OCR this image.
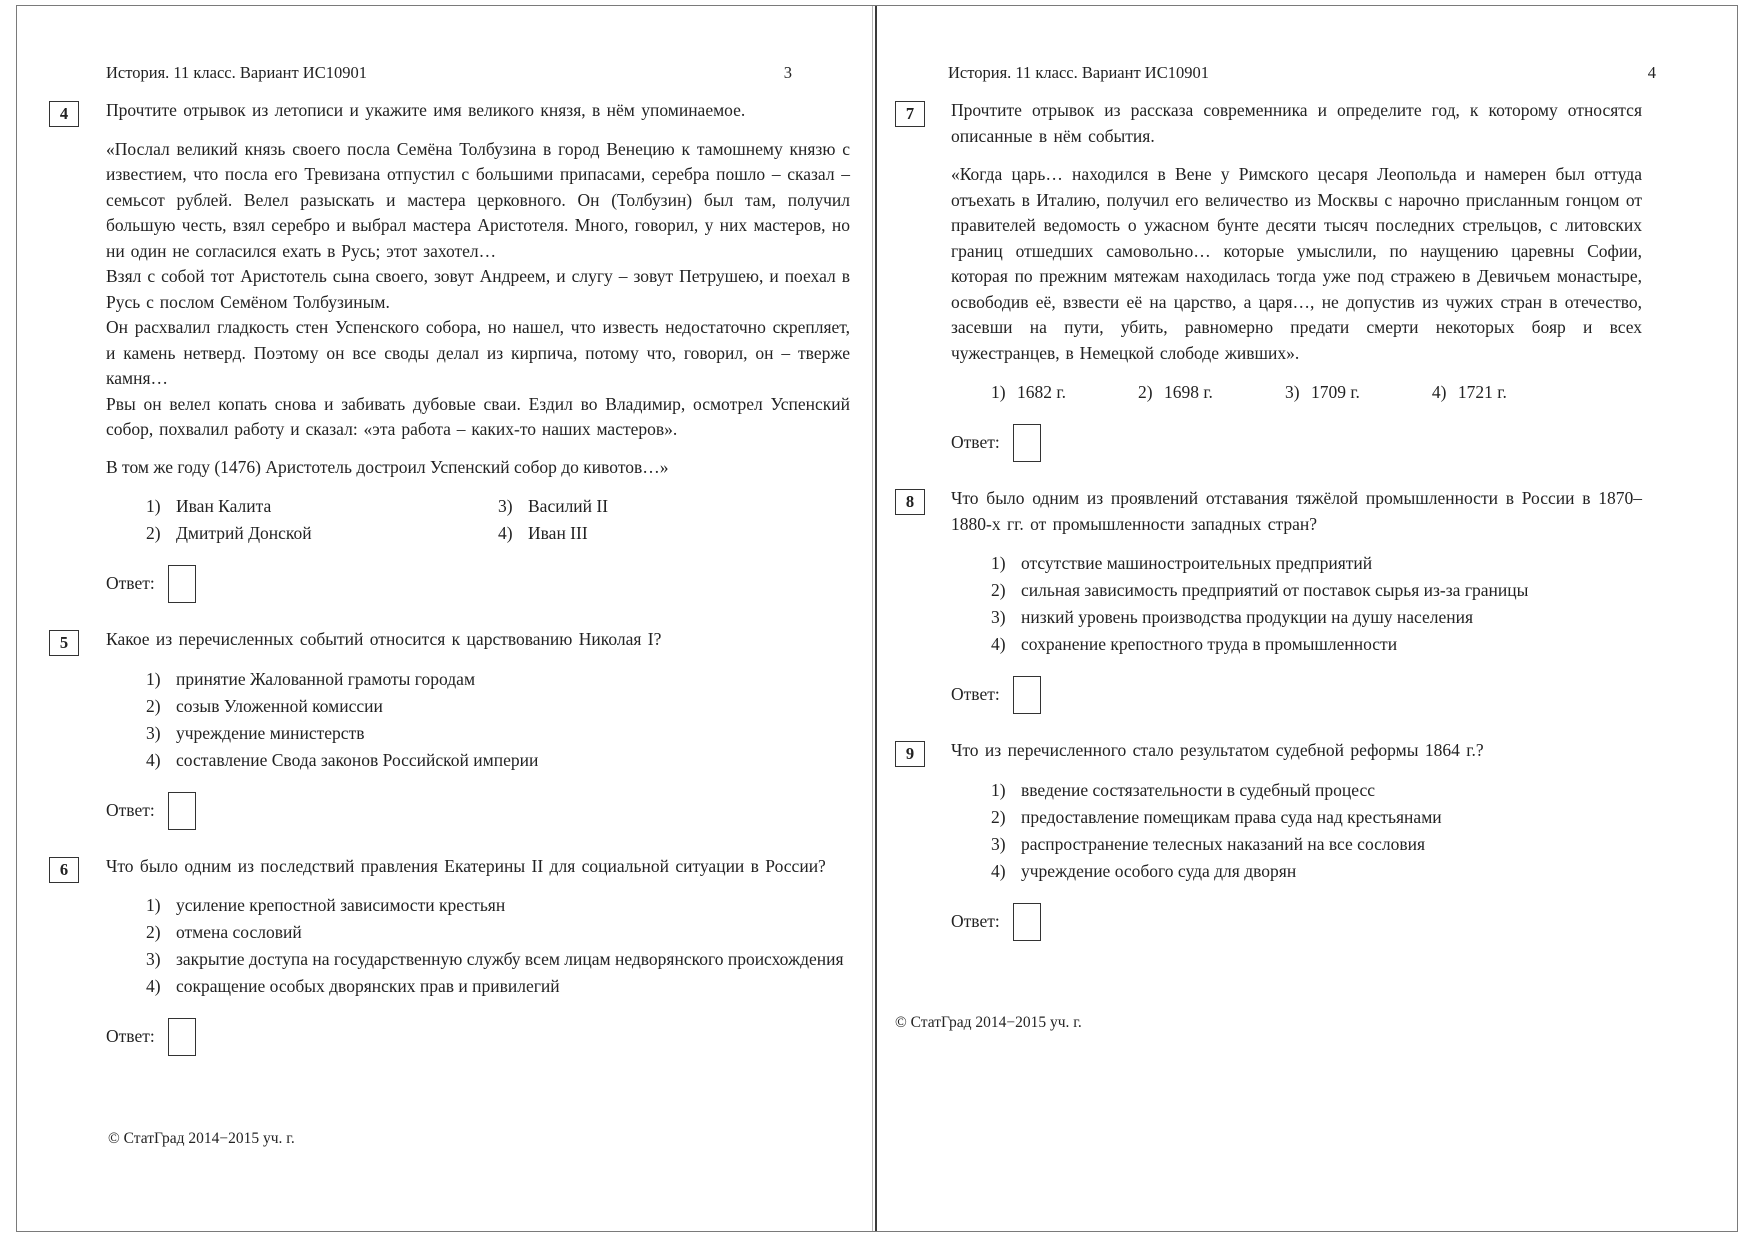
История. 11 класс. Вариант ИС10901	3
4 Прочтите отрывок из летописи и укажите имя великого князя, в нём упоминаемое.

«Послал великий князь своего посла Семёна Толбузина в город Венецию к тамошнему князю с известием, что посла его Тревизана отпустил с большими припасами, серебра пошло – сказал – семьсот рублей. Велел разыскать и мастера церковного. Он (Толбузин) был там, получил большую честь, взял серебро и выбрал мастера Аристотеля. Много, говорил, у них мастеров, но ни один не согласился ехать в Русь; этот захотел…

Взял с собой тот Аристотель сына своего, зовут Андреем, и слугу – зовут Петрушею, и поехал в Русь с послом Семёном Толбузиным.

Он расхвалил гладкость стен Успенского собора, но нашел, что известь недостаточно скрепляет, и камень нетверд. Поэтому он все своды делал из кирпича, потому что, говорил, он – тверже камня…

Рвы он велел копать снова и забивать дубовые сваи. Ездил во Владимир, осмотрел Успенский собор, похвалил работу и сказал: «эта работа – каких-то наших мастеров».

В том же году (1476) Аристотель достроил Успенский собор до кивотов…»

1) Иван Калита	3) Василий II
2) Дмитрий Донской	4) Иван III
Ответ:
5 Какое из перечисленных событий относится к царствованию Николая I?

1) принятие Жалованной грамоты городам
2) созыв Уложенной комиссии
3) учреждение министерств
4) составление Свода законов Российской империи
Ответ:
6 Что было одним из последствий правления Екатерины II для социальной ситуации в России?

1) усиление крепостной зависимости крестьян
2) отмена сословий
3) закрытие доступа на государственную службу всем лицам недворянского происхождения
4) сокращение особых дворянских прав и привилегий
Ответ:
© СтатГрад 2014−2015 уч. г.
История. 11 класс. Вариант ИС10901	4
7 Прочтите отрывок из рассказа современника и определите год, к которому относятся описанные в нём события.

«Когда царь… находился в Вене у Римского цесаря Леопольда и намерен был оттуда отъехать в Италию, получил его величество из Москвы с нарочно присланным гонцом от правителей ведомость о ужасном бунте десяти тысяч последних стрельцов, с литовских границ отшедших самовольно… которые умыслили, по наущению царевны Софии, которая по прежним мятежам находилась тогда уже под стражею в Девичьем монастыре, освободив её, взвести её на царство, а царя…, не допустив из чужих стран в отечество, засевши на пути, убить, равномерно предати смерти некоторых бояр и всех чужестранцев, в Немецкой слободе живших».

1) 1682 г.	2) 1698 г.	3) 1709 г.	4) 1721 г.
Ответ:
8 Что было одним из проявлений отставания тяжёлой промышленности в России в 1870–1880-х гг. от промышленности западных стран?

1) отсутствие машиностроительных предприятий
2) сильная зависимость предприятий от поставок сырья из-за границы
3) низкий уровень производства продукции на душу населения
4) сохранение крепостного труда в промышленности
Ответ:
9 Что из перечисленного стало результатом судебной реформы 1864 г.?

1) введение состязательности в судебный процесс
2) предоставление помещикам права суда над крестьянами
3) распространение телесных наказаний на все сословия
4) учреждение особого суда для дворян
Ответ:
© СтатГрад 2014−2015 уч. г.
